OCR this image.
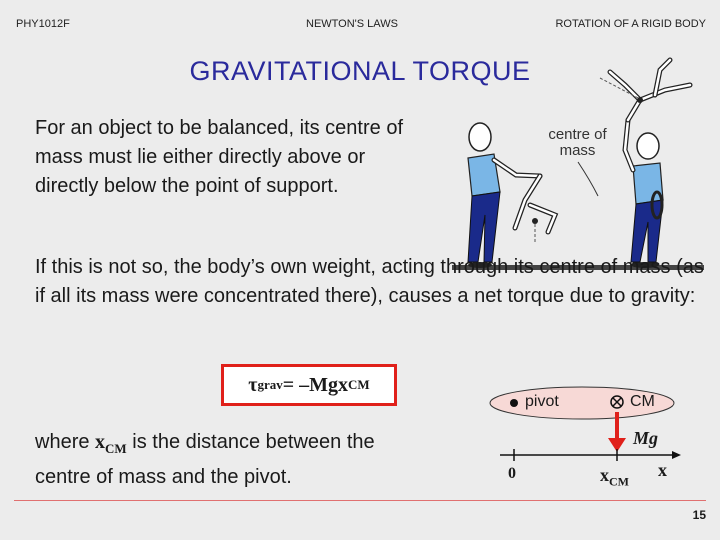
PHY1012F	NEWTON'S LAWS	ROTATION OF A RIGID BODY
GRAVITATIONAL TORQUE
For an object to be balanced, its centre of mass must lie either directly above or directly below the point of support.
centre of mass
If this is not so, the body’s own weight, acting through its centre of mass (as if all its mass were concentrated there), causes a net torque due to gravity:
τ grav = –Mgx CM
where $x_{CM}$ is the distance between the centre of mass and the pivot.
pivot	CM
Mg
0	$x_{CM}$
x
15
